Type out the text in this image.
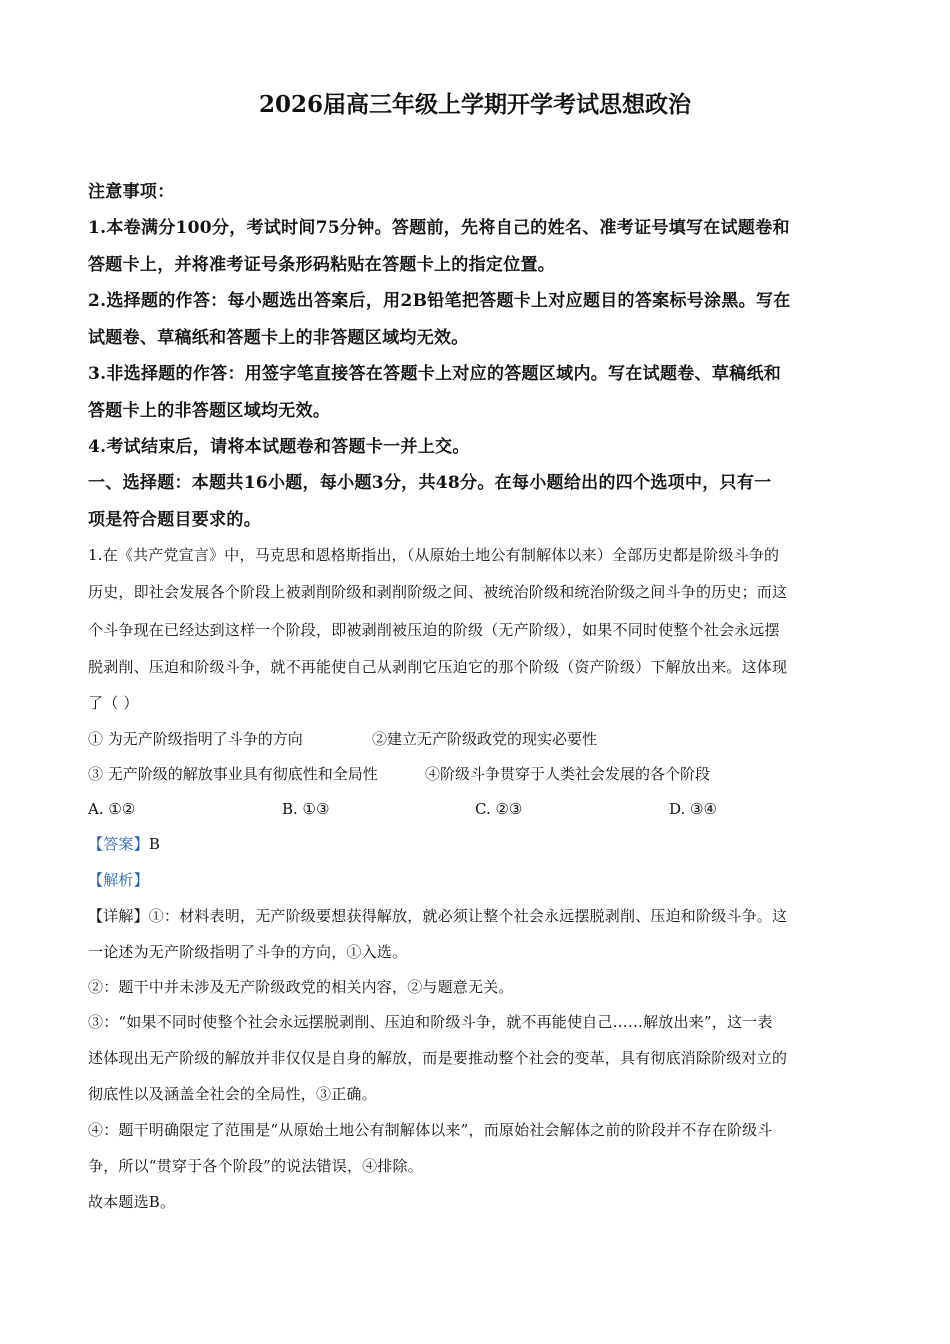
2026届高三年级上学期开学考试思想政治
注意事项：
1.本卷满分100分，考试时间75分钟。答题前，先将自己的姓名、准考证号填写在试题卷和
答题卡上，并将准考证号条形码粘贴在答题卡上的指定位置。
2.选择题的作答：每小题选出答案后，用2B铅笔把答题卡上对应题目的答案标号涂黑。写在
试题卷、草稿纸和答题卡上的非答题区域均无效。
3.非选择题的作答：用签字笔直接答在答题卡上对应的答题区域内。写在试题卷、草稿纸和
答题卡上的非答题区域均无效。
4.考试结束后，请将本试题卷和答题卡一并上交。
一、选择题：本题共16小题，每小题3分，共48分。在每小题给出的四个选项中，只有一
项是符合题目要求的。
1.在《共产党宣言》中，马克思和恩格斯指出，（从原始土地公有制解体以来）全部历史都是阶级斗争的
历史，即社会发展各个阶段上被剥削阶级和剥削阶级之间、被统治阶级和统治阶级之间斗争的历史；而这
个斗争现在已经达到这样一个阶段，即被剥削被压迫的阶级（无产阶级），如果不同时使整个社会永远摆
脱剥削、压迫和阶级斗争，就不再能使自己从剥削它压迫它的那个阶级（资产阶级）下解放出来。这体现
了（ ）
① 为无产阶级指明了斗争的方向	②建立无产阶级政党的现实必要性
③ 无产阶级的解放事业具有彻底性和全局性	④阶级斗争贯穿于人类社会发展的各个阶段
A. ①②	B. ①③	C. ②③	D. ③④
【答案】B
【解析】
【详解】①：材料表明，无产阶级要想获得解放，就必须让整个社会永远摆脱剥削、压迫和阶级斗争。这
一论述为无产阶级指明了斗争的方向，①入选。
②：题干中并未涉及无产阶级政党的相关内容，②与题意无关。
③：“如果不同时使整个社会永远摆脱剥削、压迫和阶级斗争，就不再能使自己……解放出来”，这一表
述体现出无产阶级的解放并非仅仅是自身的解放，而是要推动整个社会的变革，具有彻底消除阶级对立的
彻底性以及涵盖全社会的全局性，③正确。
④：题干明确限定了范围是“从原始土地公有制解体以来”，而原始社会解体之前的阶段并不存在阶级斗
争，所以“贯穿于各个阶段”的说法错误，④排除。
故本题选B。
